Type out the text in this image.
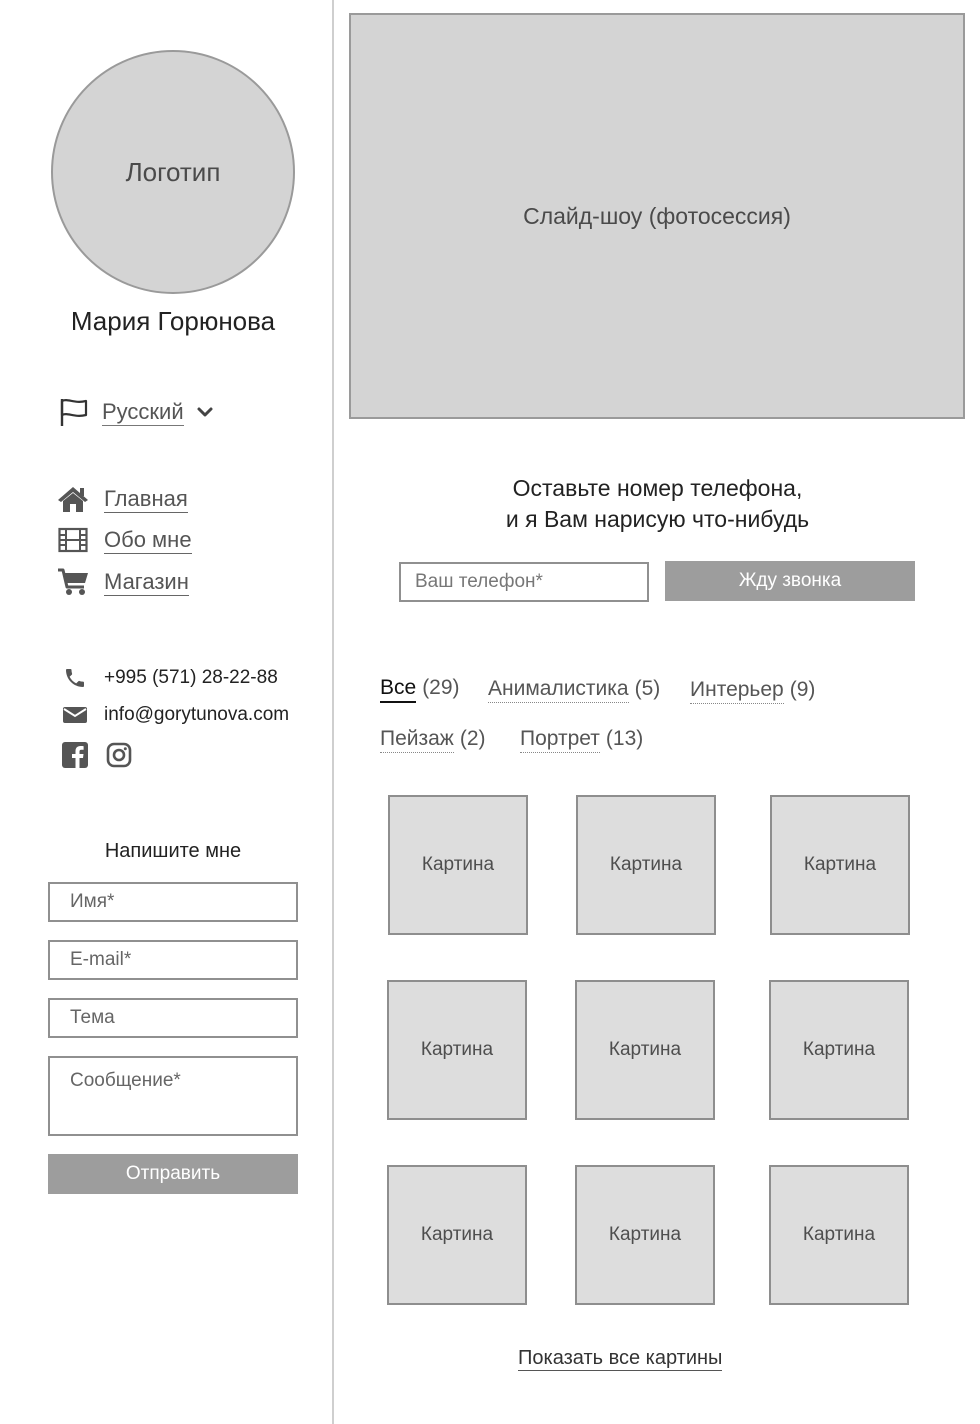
Логотип
Мария Горюнова
Русский
Главная
Обо мне
Магазин
+995 (571) 28-22-88
info@gorytunova.com
Напишите мне
Имя*
E-mail*
Тема
Сообщение*
Отправить
Слайд-шоу (фотосессия)
Оставьте номер телефона,
и я Вам нарисую что-нибудь
Ваш телефон*
Жду звонка
Все (29) Анималистика (5) Интерьер (9)
Пейзаж (2) Портрет (13)
Картина	Картина	Картина
Картина	Картина	Картина
Картина	Картина	Картина
Показать все картины
